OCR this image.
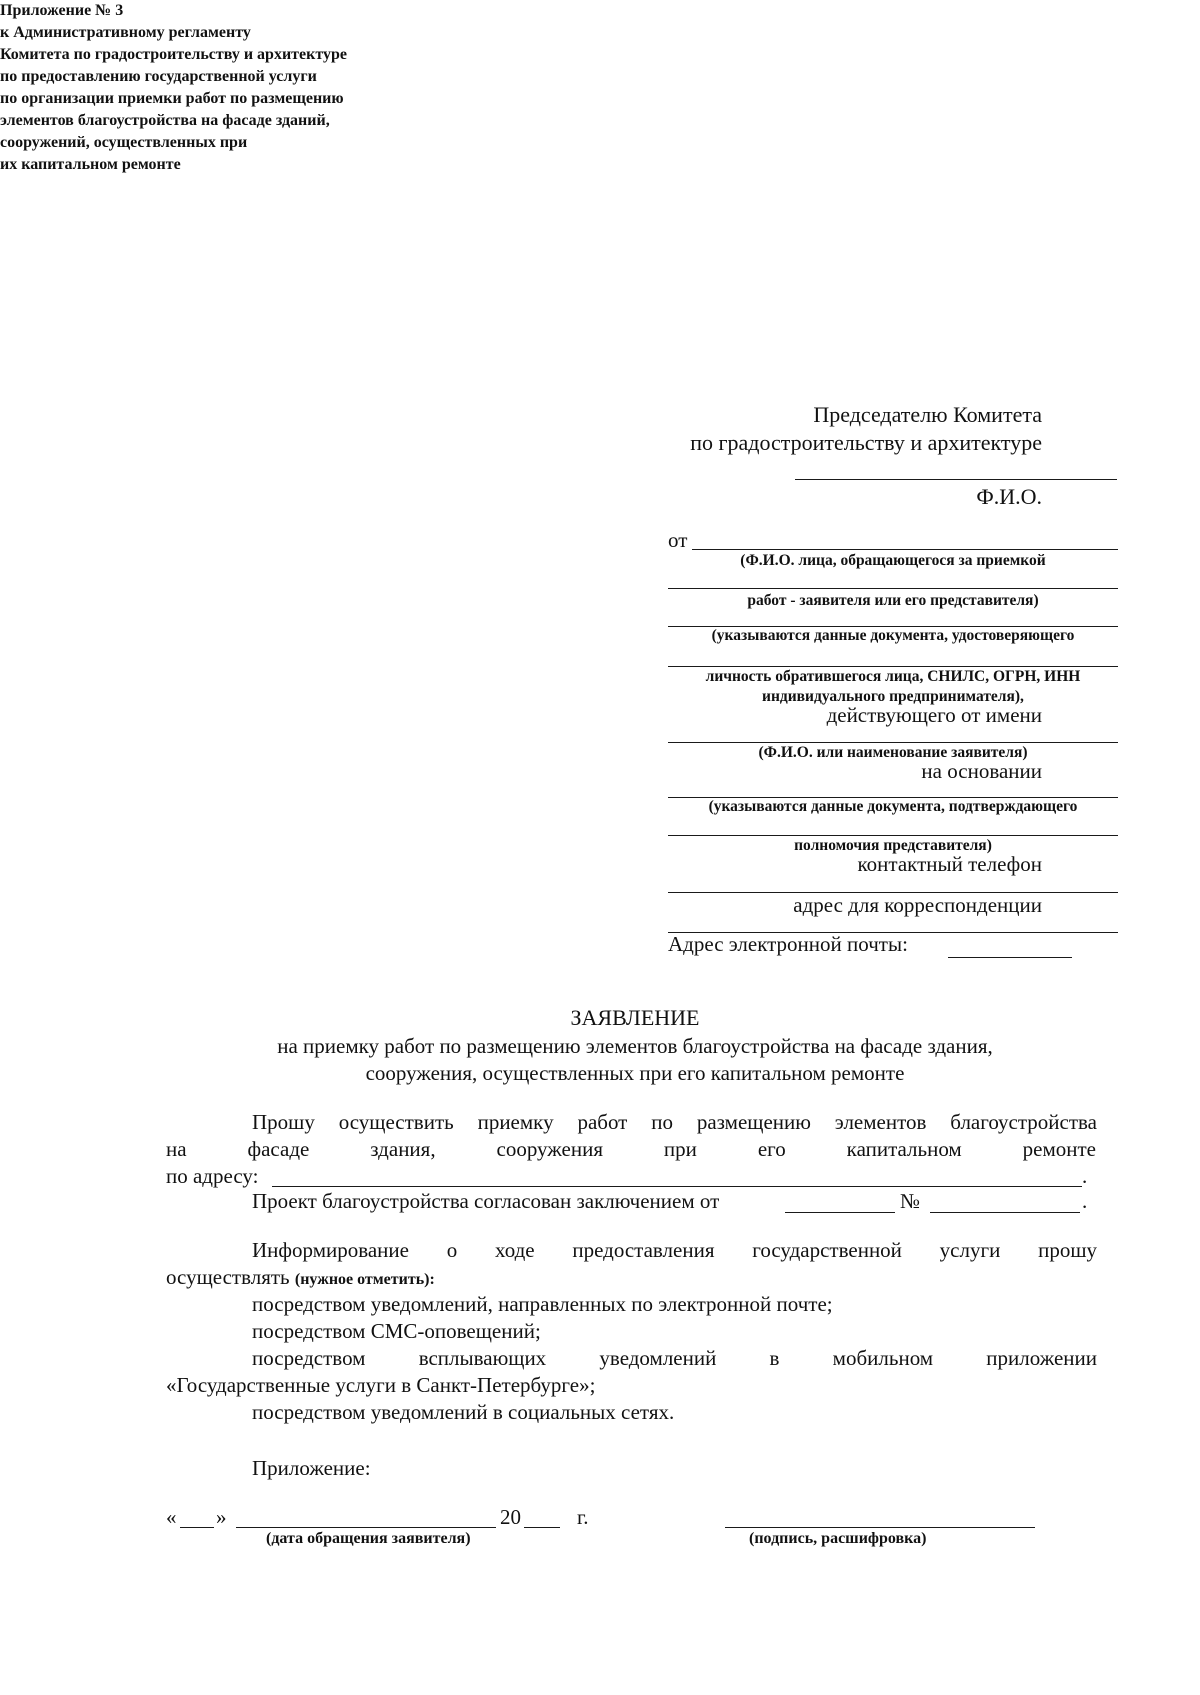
Приложение № 3
к Административному регламенту
Комитета по градостроительству и архитектуре
по предоставлению государственной услуги
по организации приемки работ по размещению
элементов благоустройства на фасаде зданий,
сооружений, осуществленных при
их капитальном ремонте
Председателю Комитета
по градостроительству и архитектуре
Ф.И.О.
от
(Ф.И.О. лица, обращающегося за приемкой
работ - заявителя или его представителя)
(указываются данные документа, удостоверяющего
личность обратившегося лица, СНИЛС, ОГРН, ИНН
индивидуального предпринимателя),
действующего от имени
(Ф.И.О. или наименование заявителя)
на основании
(указываются данные документа, подтверждающего
полномочия представителя)
контактный телефон
адрес для корреспонденции
Адрес электронной почты:
ЗАЯВЛЕНИЕ
на приемку работ по размещению элементов благоустройства на фасаде здания,
сооружения, осуществленных при его капитальном ремонте
Прошу осуществить приемку работ по размещению элементов благоустройства
на фасаде здания, сооружения при его капитальном ремонте
по адресу:	.
Проект благоустройства согласован заключением от	№	.
Информирование о ходе предоставления государственной услуги прошу
осуществлять (нужное отметить):
посредством уведомлений, направленных по электронной почте;
посредством СМС-оповещений;
посредством всплывающих уведомлений в мобильном приложении
«Государственные услуги в Санкт-Петербурге»;
посредством уведомлений в социальных сетях.
Приложение:
« »	20	г.
(дата обращения заявителя)	(подпись, расшифровка)
